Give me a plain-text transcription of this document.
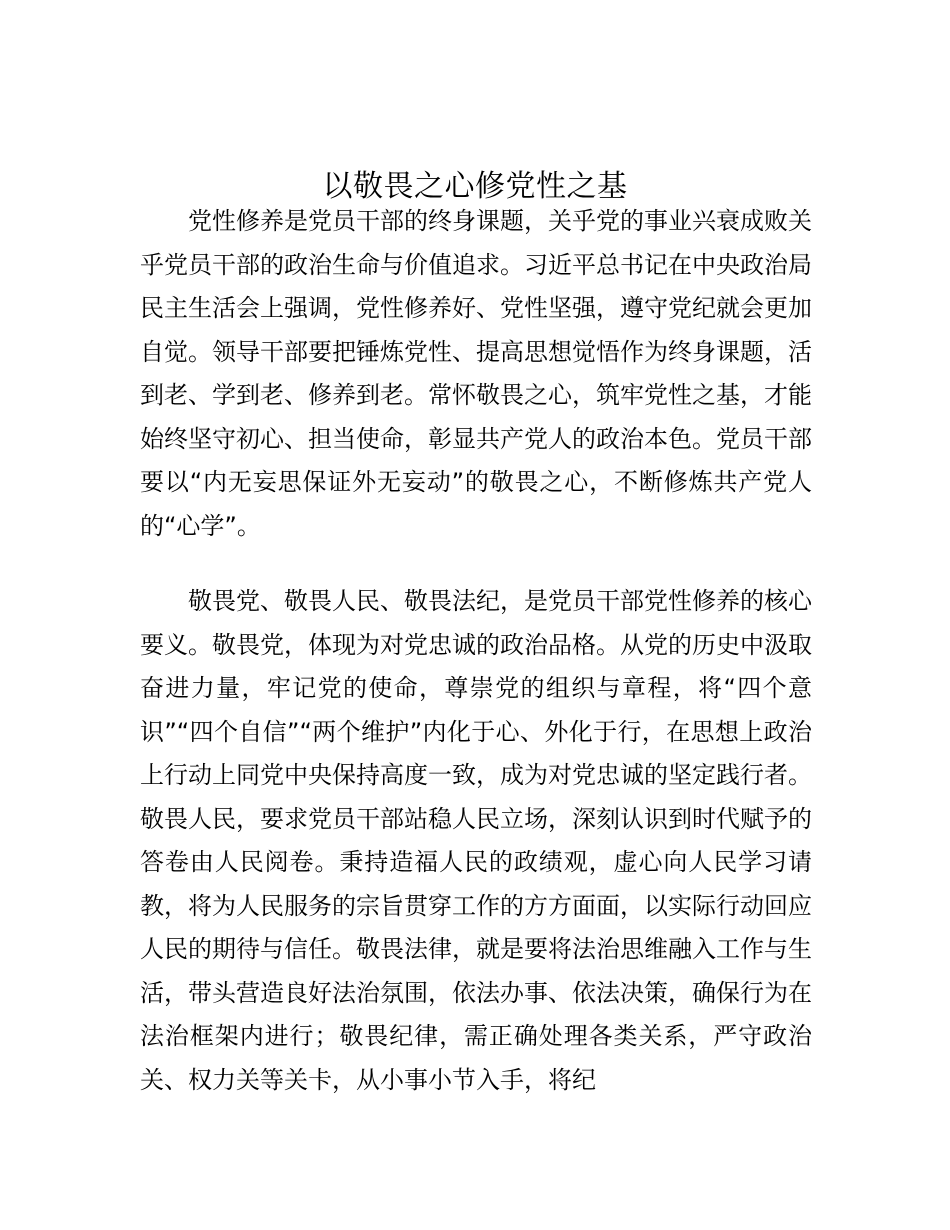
以敬畏之心修党性之基

党性修养是党员干部的终身课题，关乎党的事业兴衰成败关乎党员干部的政治生命与价值追求。习近平总书记在中央政治局民主生活会上强调，党性修养好、党性坚强，遵守党纪就会更加自觉。领导干部要把锤炼党性、提高思想觉悟作为终身课题，活到老、学到老、修养到老。常怀敬畏之心，筑牢党性之基，才能始终坚守初心、担当使命，彰显共产党人的政治本色。党员干部要以“内无妄思保证外无妄动”的敬畏之心，不断修炼共产党人的“心学”。

敬畏党、敬畏人民、敬畏法纪，是党员干部党性修养的核心要义。敬畏党，体现为对党忠诚的政治品格。从党的历史中汲取奋进力量，牢记党的使命，尊崇党的组织与章程，将“四个意识”“四个自信”“两个维护”内化于心、外化于行，在思想上政治上行动上同党中央保持高度一致，成为对党忠诚的坚定践行者。敬畏人民，要求党员干部站稳人民立场，深刻认识到时代赋予的答卷由人民阅卷。秉持造福人民的政绩观，虚心向人民学习请教，将为人民服务的宗旨贯穿工作的方方面面，以实际行动回应人民的期待与信任。敬畏法律，就是要将法治思维融入工作与生活，带头营造良好法治氛围，依法办事、依法决策，确保行为在法治框架内进行；敬畏纪律，需正确处理各类关系，严守政治关、权力关等关卡，从小事小节入手，将纪
